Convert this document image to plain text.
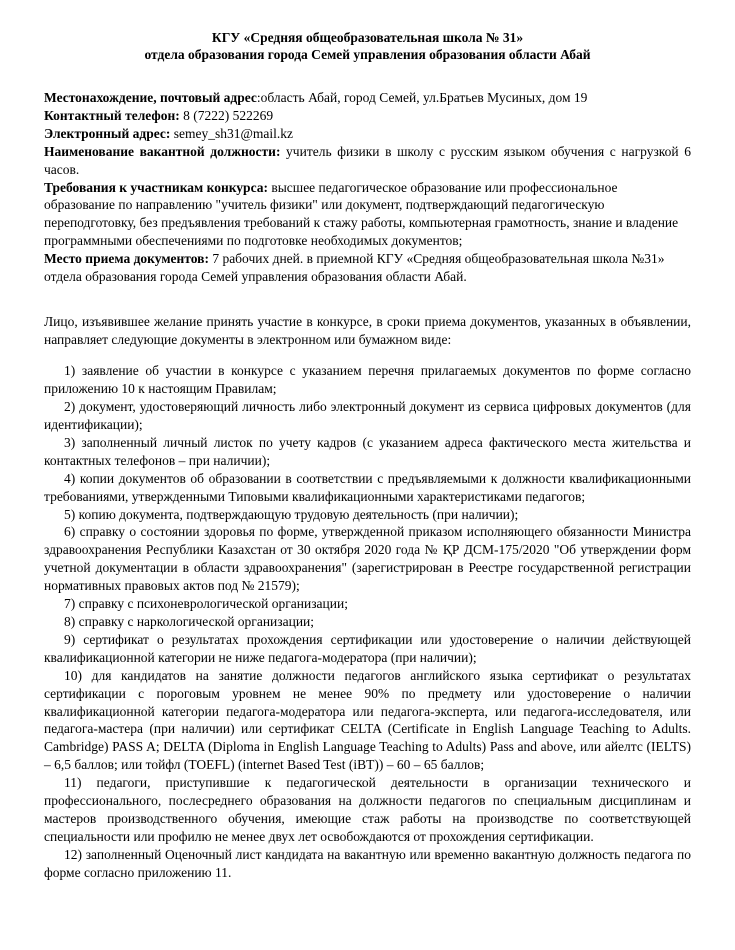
КГУ «Средняя общеобразовательная школа № 31»
отдела образования города Семей управления образования области Абай

Местонахождение, почтовый адрес:область Абай, город Семей, ул.Братьев Мусиных, дом 19

Контактный телефон: 8 (7222) 522269

Электронный адрес: semey_sh31@mail.kz

Наименование вакантной должности: учитель физики в школу с русским языком обучения с нагрузкой 6 часов.

Требования к участникам конкурса: высшее педагогическое образование или профессиональное образование по направлению "учитель физики" или документ, подтверждающий педагогическую переподготовку, без предъявления требований к стажу работы, компьютерная грамотность, знание и владение программными обеспечениями по подготовке необходимых документов;

Место приема документов: 7 рабочих дней. в приемной КГУ «Средняя общеобразовательная школа №31» отдела образования города Семей управления образования области Абай.

Лицо, изъявившее желание принять участие в конкурсе, в сроки приема документов, указанных в объявлении, направляет следующие документы в электронном или бумажном виде:

1) заявление об участии в конкурсе с указанием перечня прилагаемых документов по форме согласно приложению 10 к настоящим Правилам;
2) документ, удостоверяющий личность либо электронный документ из сервиса цифровых документов (для идентификации);
3) заполненный личный листок по учету кадров (с указанием адреса фактического места жительства и контактных телефонов – при наличии);
4) копии документов об образовании в соответствии с предъявляемыми к должности квалификационными требованиями, утвержденными Типовыми квалификационными характеристиками педагогов;
5) копию документа, подтверждающую трудовую деятельность (при наличии);
6) справку о состоянии здоровья по форме, утвержденной приказом исполняющего обязанности Министра здравоохранения Республики Казахстан от 30 октября 2020 года № ҚР ДСМ-175/2020 "Об утверждении форм учетной документации в области здравоохранения" (зарегистрирован в Реестре государственной регистрации нормативных правовых актов под № 21579);
7) справку с психоневрологической организации;
8) справку с наркологической организации;
9) сертификат о результатах прохождения сертификации или удостоверение о наличии действующей квалификационной категории не ниже педагога-модератора (при наличии);
10) для кандидатов на занятие должности педагогов английского языка сертификат о результатах сертификации с пороговым уровнем не менее 90% по предмету или удостоверение о наличии квалификационной категории педагога-модератора или педагога-эксперта, или педагога-исследователя, или педагога-мастера (при наличии) или сертификат CELTA (Certificate in English Language Teaching to Adults. Cambridge) PASS A; DELTA (Diploma in English Language Teaching to Adults) Pass and above, или айелтс (IELTS) – 6,5 баллов; или тойфл (TOEFL) (internet Based Test (iBT)) – 60 – 65 баллов;
11) педагоги, приступившие к педагогической деятельности в организации технического и профессионального, послесреднего образования на должности педагогов по специальным дисциплинам и мастеров производственного обучения, имеющие стаж работы на производстве по соответствующей специальности или профилю не менее двух лет освобождаются от прохождения сертификации.
12) заполненный Оценочный лист кандидата на вакантную или временно вакантную должность педагога по форме согласно приложению 11.
